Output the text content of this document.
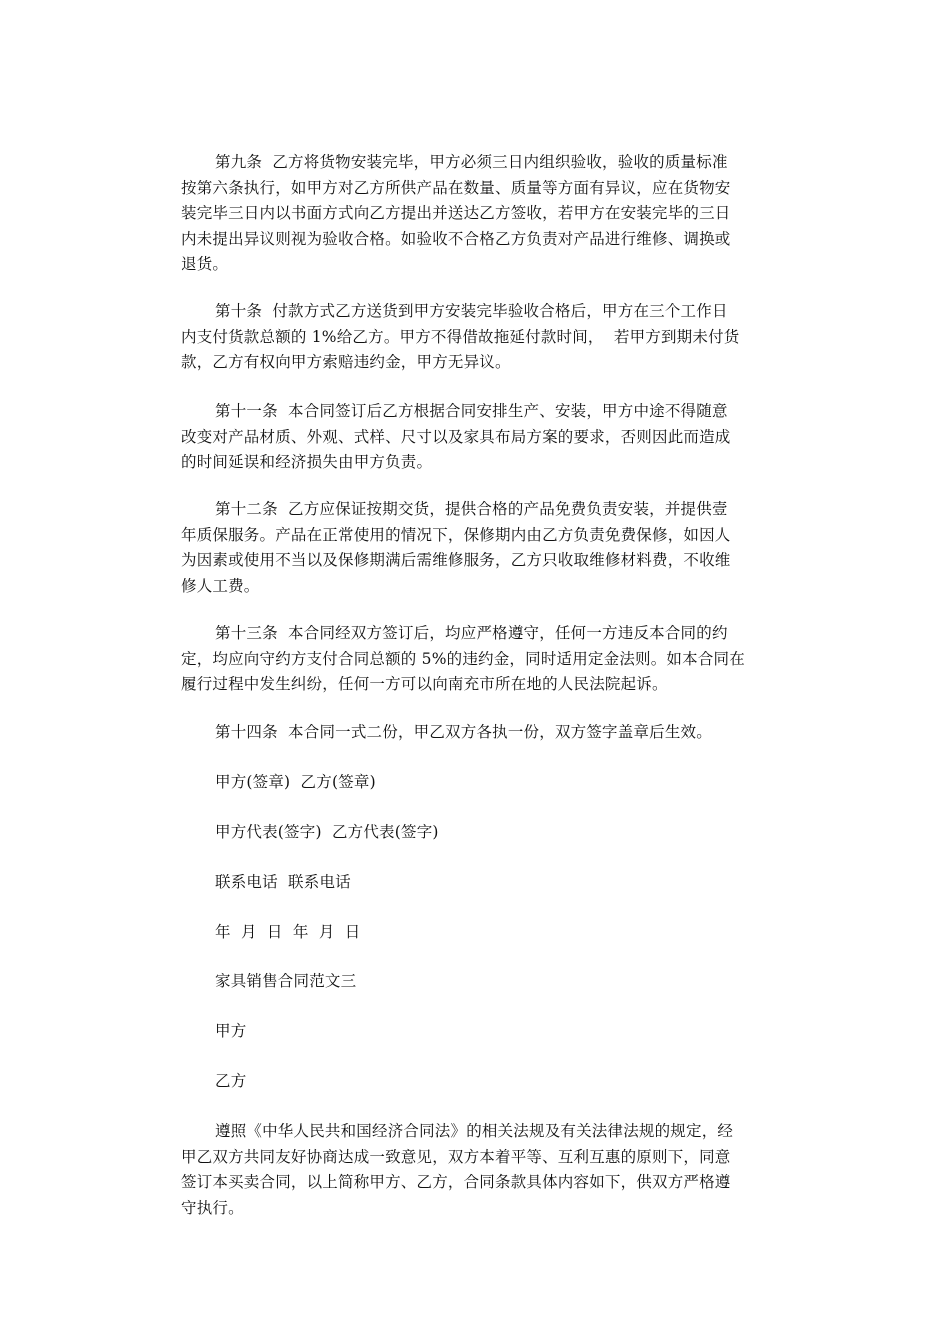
第九条  乙方将货物安装完毕，甲方必须三日内组织验收，验收的质量标准
按第六条执行，如甲方对乙方所供产品在数量、质量等方面有异议，应在货物安
装完毕三日内以书面方式向乙方提出并送达乙方签收，若甲方在安装完毕的三日
内未提出异议则视为验收合格。如验收不合格乙方负责对产品进行维修、调换或
退货。

第十条  付款方式乙方送货到甲方安装完毕验收合格后，甲方在三个工作日
内支付货款总额的 1%给乙方。甲方不得借故拖延付款时间，  若甲方到期未付货
款，乙方有权向甲方索赔违约金，甲方无异议。

第十一条  本合同签订后乙方根据合同安排生产、安装，甲方中途不得随意
改变对产品材质、外观、式样、尺寸以及家具布局方案的要求，否则因此而造成
的时间延误和经济损失由甲方负责。

第十二条  乙方应保证按期交货，提供合格的产品免费负责安装，并提供壹
年质保服务。产品在正常使用的情况下，保修期内由乙方负责免费保修，如因人
为因素或使用不当以及保修期满后需维修服务，乙方只收取维修材料费，不收维
修人工费。

第十三条  本合同经双方签订后，均应严格遵守，任何一方违反本合同的约
定，均应向守约方支付合同总额的 5%的违约金，同时适用定金法则。如本合同在
履行过程中发生纠纷，任何一方可以向南充市所在地的人民法院起诉。

第十四条  本合同一式二份，甲乙双方各执一份，双方签字盖章后生效。

甲方(签章)  乙方(签章)

甲方代表(签字)  乙方代表(签字)

联系电话  联系电话

年  月  日  年  月  日

家具销售合同范文三

甲方

乙方

遵照《中华人民共和国经济合同法》的相关法规及有关法律法规的规定，经
甲乙双方共同友好协商达成一致意见，双方本着平等、互利互惠的原则下，同意
签订本买卖合同，以上简称甲方、乙方，合同条款具体内容如下，供双方严格遵
守执行。
